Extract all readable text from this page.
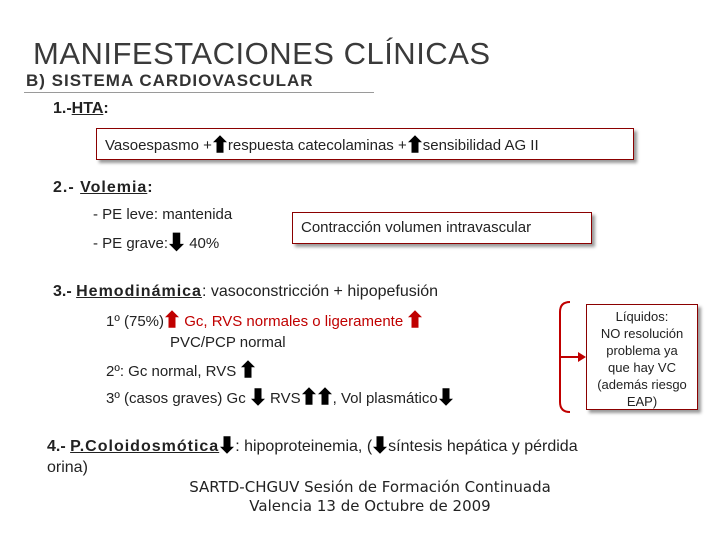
MANIFESTACIONES CLÍNICAS
B) SISTEMA CARDIOVASCULAR
1.-HTA:
Vasoespasmo + respuesta catecolaminas + sensibilidad AG II
2.- Volemia:
- PE leve: mantenida
- PE grave: 40%
Contracción volumen intravascular
3.- Hemodinámica: vasoconstricción + hipopefusión
1º (75%) Gc, RVS normales o ligeramente
PVC/PCP normal
2º: Gc normal, RVS
3º (casos graves) Gc RVS , Vol plasmático
Líquidos:
NO resolución
problema ya
que hay VC
(además riesgo
EAP)
4.- P.Coloidosmótica : hipoproteinemia, ( síntesis hepática y pérdida
orina)
SARTD-CHGUV Sesión de Formación Continuada
Valencia 13 de Octubre de 2009
